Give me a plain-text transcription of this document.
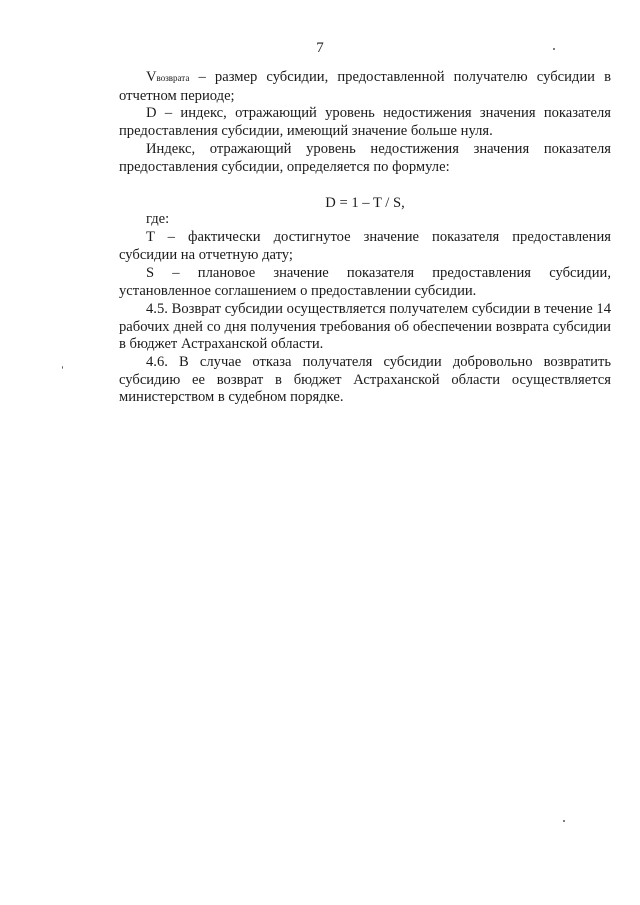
7
Vвозврата – размер субсидии, предоставленной получателю субсидии в отчетном периоде;
D – индекс, отражающий уровень недостижения значения показателя предоставления субсидии, имеющий значение больше нуля.
Индекс, отражающий уровень недостижения значения показателя предоставления субсидии, определяется по формуле:
D = 1 – T / S,
где:
T – фактически достигнутое значение показателя предоставления субсидии на отчетную дату;
S – плановое значение показателя предоставления субсидии, установленное соглашением о предоставлении субсидии.
4.5. Возврат субсидии осуществляется получателем субсидии в течение 14 рабочих дней со дня получения требования об обеспечении возврата субсидии в бюджет Астраханской области.
4.6. В случае отказа получателя субсидии добровольно возвратить субсидию ее возврат в бюджет Астраханской области осуществляется министерством в судебном порядке.
